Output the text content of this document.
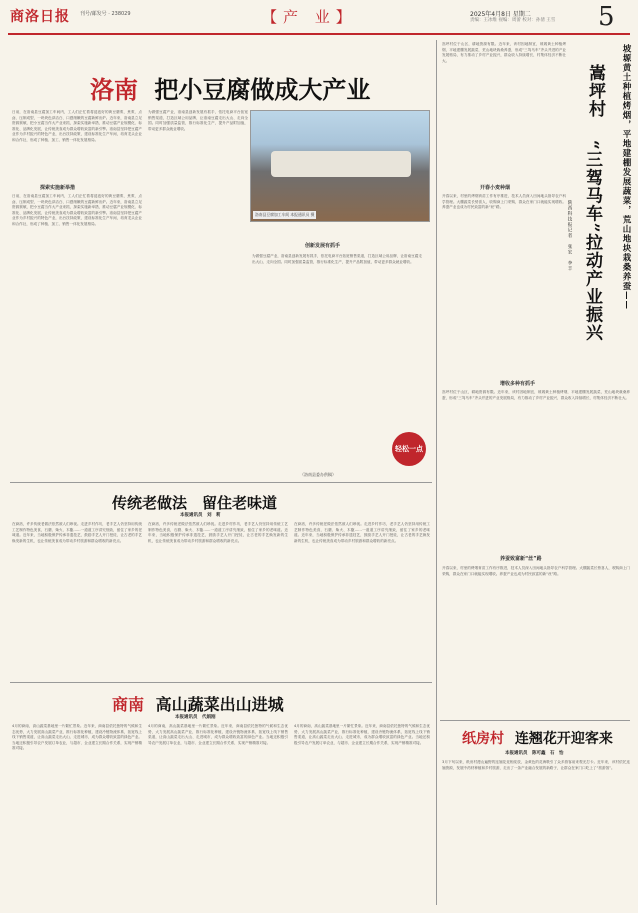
商洛日报 刊号/邮发号 · 238029	【产 业】	2025年4月8日 星期二
责编：王冰维 视编：周蕾 校对：孙倩 王雪 5
洛南 把小豆腐做成大产业
日前，在洛南县豆腐加工车间内，工人们正忙着将浸泡好的黄豆磨浆、煮浆、点卤、压制成型，一块块色泽洁白、口感细嫩的豆腐新鲜出炉。近年来，洛南县立足资源禀赋，把小豆腐当作大产业来抓，探索实施新举措，推动豆腐产业规模化、标准化、品牌化发展，让传统美食成为群众增收致富的新引擎。洛南县坚持把豆腐产业作为乡村振兴的特色产业，出台扶持政策，建设标准化生产车间，培育龙头企业和合作社，形成了种植、加工、销售一体化发展格局。
探索实施新举措
日前，在洛南县豆腐加工车间内，工人们正忙着将浸泡好的黄豆磨浆、煮浆、点卤、压制成型，一块块色泽洁白、口感细嫩的豆腐新鲜出炉。近年来，洛南县立足资源禀赋，把小豆腐当作大产业来抓，探索实施新举措，推动豆腐产业规模化、标准化、品牌化发展，让传统美食成为群众增收致富的新引擎。洛南县坚持把豆腐产业作为乡村振兴的特色产业，出台扶持政策，建设标准化生产车间，培育龙头企业和合作社，形成了种植、加工、销售一体化发展格局。
为做强豆腐产业，洛南县创新发展有抓手，依托电商平台拓宽销售渠道，打造区域公用品牌，让洛南豆腐走出大山、走向全国。同时加强质量监管，推行标准化生产，提升产品附加值，带动更多群众就业增收。
洛南县豆腐加工车间 本报通讯员 摄
创新发展有抓手
为做强豆腐产业，洛南县创新发展有抓手，依托电商平台拓宽销售渠道，打造区域公用品牌，让洛南豆腐走出大山、走向全国。同时加强质量监管，推行标准化生产，提升产品附加值，带动更多群众就业增收。
轻松一点
（洛南县委办供稿）
传统老做法　留住老味道
本报通讯员　刘　莉
在商洛，许多传统老做法依然被人们珍视。走进乡村作坊，老手艺人仍坚持用传统工艺制作特色美食，石磨、柴火、木甑……一道道工序讲究细致，留住了家乡的老味道。近年来，当地积极保护传承非遗技艺，鼓励手艺人开门授徒，让古老的手艺焕发新的生机，也让传统美食成为带动乡村旅游和群众增收的新亮点。
在商洛，许多传统老做法依然被人们珍视。走进乡村作坊，老手艺人仍坚持用传统工艺制作特色美食，石磨、柴火、木甑……一道道工序讲究细致，留住了家乡的老味道。近年来，当地积极保护传承非遗技艺，鼓励手艺人开门授徒，让古老的手艺焕发新的生机，也让传统美食成为带动乡村旅游和群众增收的新亮点。
在商洛，许多传统老做法依然被人们珍视。走进乡村作坊，老手艺人仍坚持用传统工艺制作特色美食，石磨、柴火、木甑……一道道工序讲究细致，留住了家乡的老味道。近年来，当地积极保护传承非遗技艺，鼓励手艺人开门授徒，让古老的手艺焕发新的生机，也让传统美食成为带动乡村旅游和群众增收的新亮点。
商南 高山蔬菜出山进城
本报通讯员　代娟刚
4月的商南，高山蔬菜基地里一片繁忙景象。近年来，商南县依托独特的气候和生态优势，大力发展高山蔬菜产业，推行标准化种植，建设冷链物流体系，拓宽线上线下销售渠道，让高山蔬菜走出大山、走进城市，成为群众增收致富的绿色产业。当地还积极引导农户发展订单农业，与超市、企业建立长期合作关系，实现产销精准对接。
4月的商南，高山蔬菜基地里一片繁忙景象。近年来，商南县依托独特的气候和生态优势，大力发展高山蔬菜产业，推行标准化种植，建设冷链物流体系，拓宽线上线下销售渠道，让高山蔬菜走出大山、走进城市，成为群众增收致富的绿色产业。当地还积极引导农户发展订单农业，与超市、企业建立长期合作关系，实现产销精准对接。
4月的商南，高山蔬菜基地里一片繁忙景象。近年来，商南县依托独特的气候和生态优势，大力发展高山蔬菜产业，推行标准化种植，建设冷链物流体系，拓宽线上线下销售渠道，让高山蔬菜走出大山、走进城市，成为群众增收致富的绿色产业。当地还积极引导农户发展订单农业，与超市、企业建立长期合作关系，实现产销精准对接。
嵩坪村位于山区，耕地资源有限。近年来，该村因地制宜，坡塬黄土种植烤烟，平地建棚发展蔬菜，荒山地块栽桑养蚕，形成“三驾马车”齐头并进的产业发展格局，有力推动了乡村产业振兴，群众收入持续增长，村集体经济不断壮大。	坡塬黄土种植烤烟，平地建棚发展蔬菜，荒山地块栽桑养蚕——
嵩坪村
“三驾马车”拉动产业振兴
陕西科技报记者　张宏　李丰
开春小麦种烟
开春以来，村里的烤烟育苗工作有序推进，技术人员深入田间地头指导农户科学管理。大棚蔬菜长势喜人，收购商上门采购，群众在家门口就能实现增收。养蚕产业也成为村民致富的新“丝”路。
增收多种有抓手
嵩坪村位于山区，耕地资源有限。近年来，该村因地制宜，坡塬黄土种植烤烟，平地建棚发展蔬菜，荒山地块栽桑养蚕，形成“三驾马车”齐头并进的产业发展格局，有力推动了乡村产业振兴，群众收入持续增长，村集体经济不断壮大。
养蚕致富新“丝”路
开春以来，村里的烤烟育苗工作有序推进，技术人员深入田间地头指导农户科学管理。大棚蔬菜长势喜人，收购商上门采购，群众在家门口就能实现增收。养蚕产业也成为村民致富的新“丝”路。
纸房村 连翘花开迎客来
本报通讯员　陈可鑫　石　怡
3月下旬以来，纸房村漫山遍野的连翘花竞相绽放，金黄色的花海吸引了众多游客前来观光打卡。近年来，该村依托连翘资源，发展中药材种植和乡村旅游，走出了一条产业融合发展的新路子，让群众在家门口吃上了“旅游饭”。
